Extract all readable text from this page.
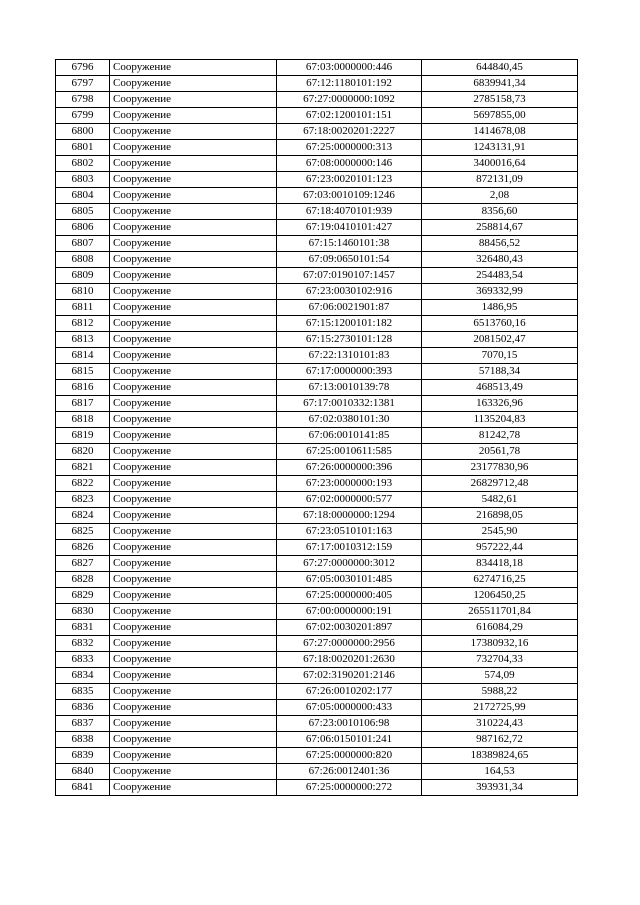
6796	Сооружение	67:03:0000000:446	644840,45
6797	Сооружение	67:12:1180101:192	6839941,34
6798	Сооружение	67:27:0000000:1092	2785158,73
6799	Сооружение	67:02:1200101:151	5697855,00
6800	Сооружение	67:18:0020201:2227	1414678,08
6801	Сооружение	67:25:0000000:313	1243131,91
6802	Сооружение	67:08:0000000:146	3400016,64
6803	Сооружение	67:23:0020101:123	872131,09
6804	Сооружение	67:03:0010109:1246	2,08
6805	Сооружение	67:18:4070101:939	8356,60
6806	Сооружение	67:19:0410101:427	258814,67
6807	Сооружение	67:15:1460101:38	88456,52
6808	Сооружение	67:09:0650101:54	326480,43
6809	Сооружение	67:07:0190107:1457	254483,54
6810	Сооружение	67:23:0030102:916	369332,99
6811	Сооружение	67:06:0021901:87	1486,95
6812	Сооружение	67:15:1200101:182	6513760,16
6813	Сооружение	67:15:2730101:128	2081502,47
6814	Сооружение	67:22:1310101:83	7070,15
6815	Сооружение	67:17:0000000:393	57188,34
6816	Сооружение	67:13:0010139:78	468513,49
6817	Сооружение	67:17:0010332:1381	163326,96
6818	Сооружение	67:02:0380101:30	1135204,83
6819	Сооружение	67:06:0010141:85	81242,78
6820	Сооружение	67:25:0010611:585	20561,78
6821	Сооружение	67:26:0000000:396	23177830,96
6822	Сооружение	67:23:0000000:193	26829712,48
6823	Сооружение	67:02:0000000:577	5482,61
6824	Сооружение	67:18:0000000:1294	216898,05
6825	Сооружение	67:23:0510101:163	2545,90
6826	Сооружение	67:17:0010312:159	957222,44
6827	Сооружение	67:27:0000000:3012	834418,18
6828	Сооружение	67:05:0030101:485	6274716,25
6829	Сооружение	67:25:0000000:405	1206450,25
6830	Сооружение	67:00:0000000:191	265511701,84
6831	Сооружение	67:02:0030201:897	616084,29
6832	Сооружение	67:27:0000000:2956	17380932,16
6833	Сооружение	67:18:0020201:2630	732704,33
6834	Сооружение	67:02:3190201:2146	574,09
6835	Сооружение	67:26:0010202:177	5988,22
6836	Сооружение	67:05:0000000:433	2172725,99
6837	Сооружение	67:23:0010106:98	310224,43
6838	Сооружение	67:06:0150101:241	987162,72
6839	Сооружение	67:25:0000000:820	18389824,65
6840	Сооружение	67:26:0012401:36	164,53
6841	Сооружение	67:25:0000000:272	393931,34
